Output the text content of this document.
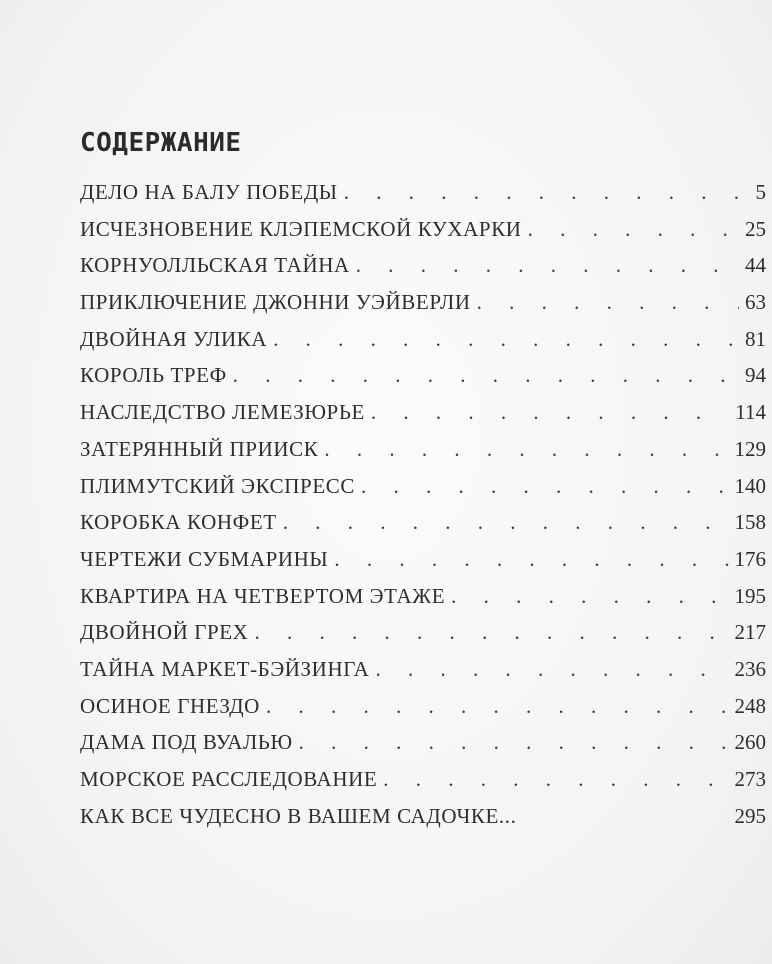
СОДЕРЖАНИЕ
ДЕЛО НА БАЛУ ПОБЕДЫ . . .	5
ИСЧЕЗНОВЕНИЕ КЛЭПЕМСКОЙ КУХАРКИ . . .	25
КОРНУОЛЛЬСКАЯ ТАЙНА . . .	44
ПРИКЛЮЧЕНИЕ ДЖОННИ УЭЙВЕРЛИ . . .	63
ДВОЙНАЯ УЛИКА . . .	81
КОРОЛЬ ТРЕФ . . .	94
НАСЛЕДСТВО ЛЕМЕЗЮРЬЕ . . .	114
ЗАТЕРЯННЫЙ ПРИИСК . . .	129
ПЛИМУТСКИЙ ЭКСПРЕСС . . .	140
КОРОБКА КОНФЕТ . . .	158
ЧЕРТЕЖИ СУБМАРИНЫ . . .	176
КВАРТИРА НА ЧЕТВЕРТОМ ЭТАЖЕ . . .	195
ДВОЙНОЙ ГРЕХ . . .	217
ТАЙНА МАРКЕТ-БЭЙЗИНГА . . .	236
ОСИНОЕ ГНЕЗДО . . .	248
ДАМА ПОД ВУАЛЬЮ . . .	260
МОРСКОЕ РАССЛЕДОВАНИЕ . . .	273
КАК ВСЕ ЧУДЕСНО В ВАШЕМ САДОЧКЕ...	295
